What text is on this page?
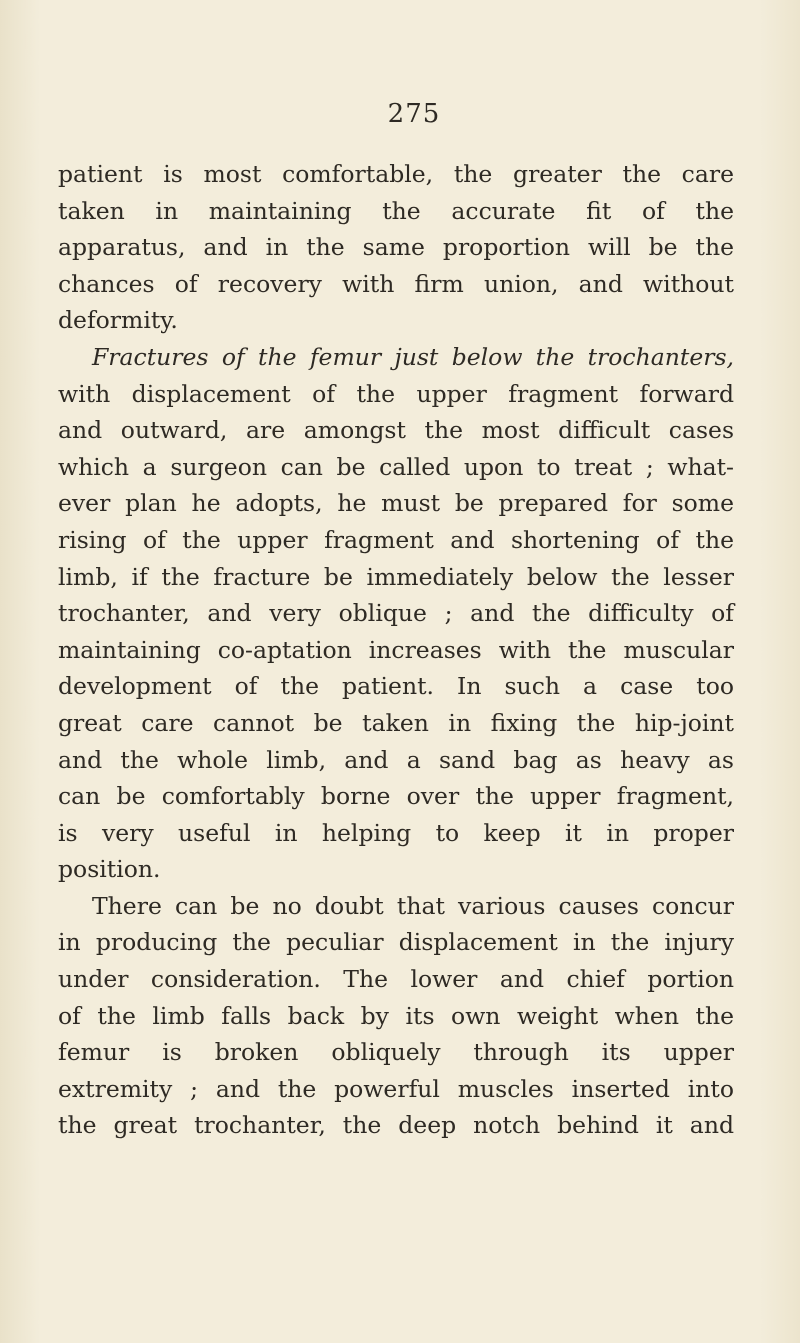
275
patient is most comfortable, the greater the care
taken in maintaining the accurate fit of the
apparatus, and in the same proportion will be the
chances of recovery with firm union, and without
deformity.
Fractures of the femur just below the trochanters,
with displacement of the upper fragment forward
and outward, are amongst the most difficult cases
which a surgeon can be called upon to treat ; what-
ever plan he adopts, he must be prepared for some
rising of the upper fragment and shortening of the
limb, if the fracture be immediately below the lesser
trochanter, and very oblique ; and the difficulty of
maintaining co-aptation increases with the muscular
development of the patient. In such a case too
great care cannot be taken in fixing the hip-joint
and the whole limb, and a sand bag as heavy as
can be comfortably borne over the upper fragment,
is very useful in helping to keep it in proper
position.
There can be no doubt that various causes concur
in producing the peculiar displacement in the injury
under consideration. The lower and chief portion
of the limb falls back by its own weight when the
femur is broken obliquely through its upper
extremity ; and the powerful muscles inserted into
the great trochanter, the deep notch behind it and
